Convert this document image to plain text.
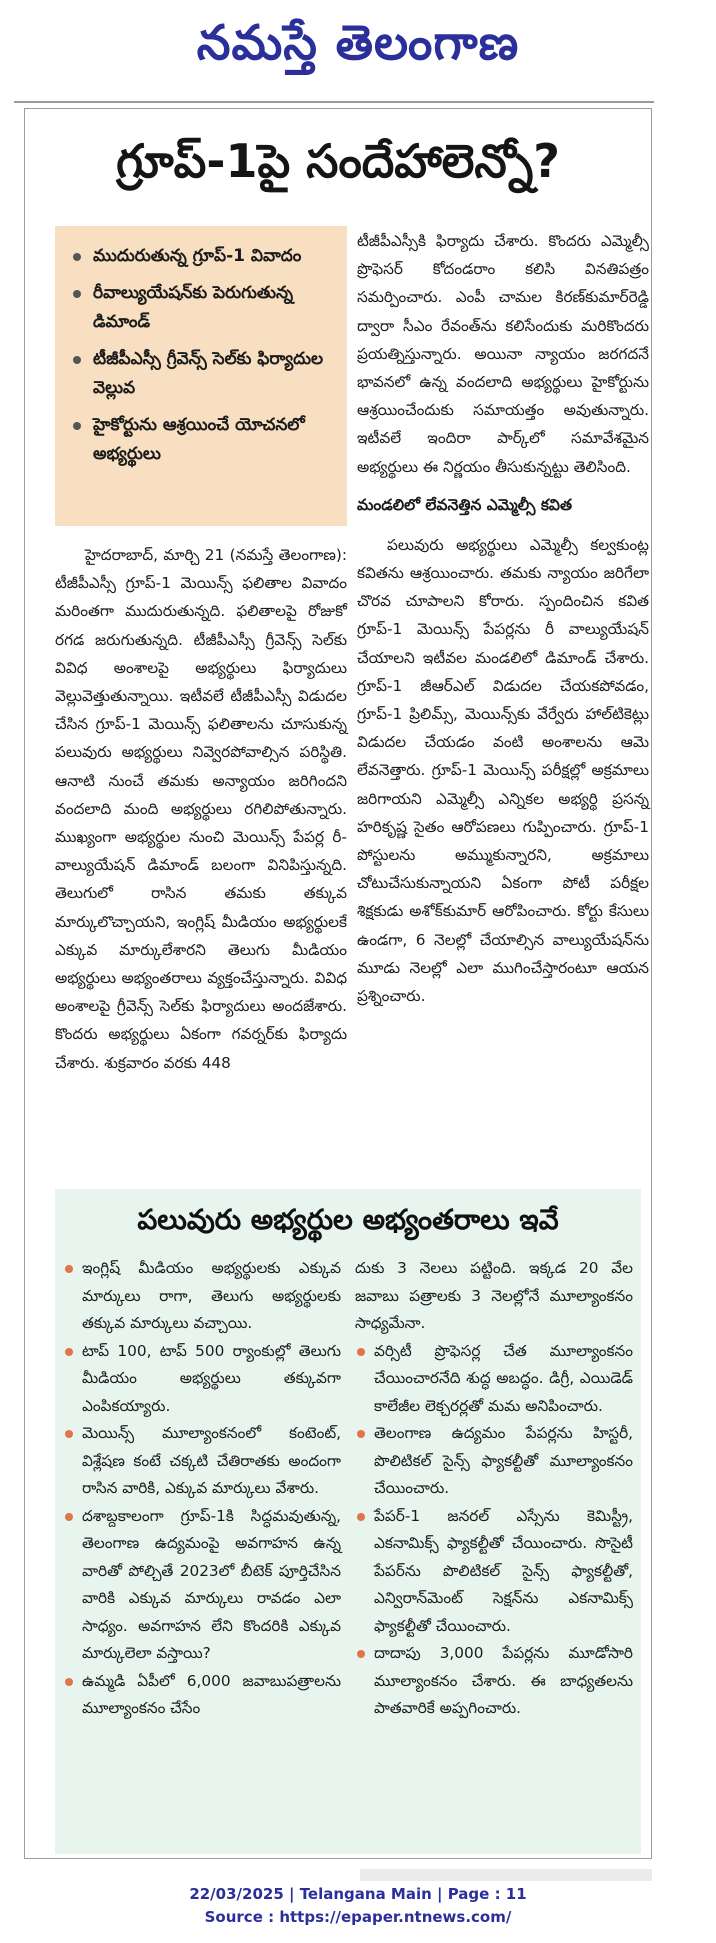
నమస్తే తెలంగాణ
గ్రూప్-1పై సందేహాలెన్నో?
ముదురుతున్న గ్రూప్-1 వివాదం
రీవాల్యుయేషన్‌కు పెరుగుతున్న డిమాండ్
టీజీపీఎస్సీ గ్రీవెన్స్ సెల్‌కు ఫిర్యాదుల వెల్లువ
హైకోర్టును ఆశ్రయించే యోచనలో అభ్యర్థులు

హైదరాబాద్, మార్చి 21 (నమస్తే తెలంగాణ): టీజీపీఎస్సీ గ్రూప్-1 మెయిన్స్ ఫలితాల వివాదం మరింతగా ముదురుతున్నది. ఫలితాలపై రోజుకో రగడ జరుగుతున్నది. టీజీపీఎస్సీ గ్రీవెన్స్ సెల్‌కు వివిధ అంశాలపై అభ్యర్థులు ఫిర్యాదులు వెల్లువెత్తుతున్నాయి. ఇటీవలే టీజీపీఎస్సీ విడుదల చేసిన గ్రూప్-1 మెయిన్స్ ఫలితాలను చూసుకున్న పలువురు అభ్యర్థులు నివ్వెరపోవాల్సిన పరిస్థితి. ఆనాటి నుంచే తమకు అన్యాయం జరిగిందని వందలాది మంది అభ్యర్థులు రగిలిపోతున్నారు. ముఖ్యంగా అభ్యర్థుల నుంచి మెయిన్స్ పేపర్ల రీ-వాల్యుయేషన్ డిమాండ్ బలంగా వినిపిస్తున్నది. తెలుగులో రాసిన తమకు తక్కువ మార్కులొచ్చాయని, ఇంగ్లిష్ మీడియం అభ్యర్థులకే ఎక్కువ మార్కులేశారని తెలుగు మీడియం అభ్యర్థులు అభ్యంతరాలు వ్యక్తంచేస్తున్నారు. వివిధ అంశాలపై గ్రీవెన్స్ సెల్‌కు ఫిర్యాదులు అందజేశారు. కొందరు అభ్యర్థులు ఏకంగా గవర్నర్‌కు ఫిర్యాదు చేశారు. శుక్రవారం వరకు 448

టీజీపీఎస్సీకి ఫిర్యాదు చేశారు. కొందరు ఎమ్మెల్సీ ప్రొఫెసర్ కోదండరాం కలిసి వినతిపత్రం సమర్పించారు. ఎంపీ చామల కిరణ్‌కుమార్‌రెడ్డి ద్వారా సీఎం రేవంత్‌ను కలిసేందుకు మరికొందరు ప్రయత్నిస్తున్నారు. అయినా న్యాయం జరగదనే భావనలో ఉన్న వందలాది అభ్యర్థులు హైకోర్టును ఆశ్రయించేందుకు సమాయత్తం అవుతున్నారు. ఇటీవలే ఇందిరా పార్క్‌లో సమావేశమైన అభ్యర్థులు ఈ నిర్ణయం తీసుకున్నట్టు తెలిసింది.

మండలిలో లేవనెత్తిన ఎమ్మెల్సీ కవిత

పలువురు అభ్యర్థులు ఎమ్మెల్సీ కల్వకుంట్ల కవితను ఆశ్రయించారు. తమకు న్యాయం జరిగేలా చొరవ చూపాలని కోరారు. స్పందించిన కవిత గ్రూప్-1 మెయిన్స్ పేపర్లను రీ వాల్యుయేషన్ చేయాలని ఇటీవల మండలిలో డిమాండ్ చేశారు. గ్రూప్-1 జీఆర్‌ఎల్ విడుదల చేయకపోవడం, గ్రూప్-1 ప్రిలిమ్స్, మెయిన్స్‌కు వేర్వేరు హాల్‌టికెట్లు విడుదల చేయడం వంటి అంశాలను ఆమె లేవనెత్తారు. గ్రూప్-1 మెయిన్స్ పరీక్షల్లో అక్రమాలు జరిగాయని ఎమ్మెల్సీ ఎన్నికల అభ్యర్థి ప్రసన్న హరికృష్ణ సైతం ఆరోపణలు గుప్పించారు. గ్రూప్-1 పోస్టులను అమ్ముకున్నారని, అక్రమాలు చోటుచేసుకున్నాయని ఏకంగా పోటీ పరీక్షల శిక్షకుడు అశోక్‌కుమార్ ఆరోపించారు. కోర్టు కేసులు ఉండగా, 6 నెలల్లో చేయాల్సిన వాల్యుయేషన్‌ను మూడు నెలల్లో ఎలా ముగించేస్తారంటూ ఆయన ప్రశ్నించారు.

పలువురు అభ్యర్థుల అభ్యంతరాలు ఇవే
ఇంగ్లిష్ మీడియం అభ్యర్థులకు ఎక్కువ మార్కులు రాగా, తెలుగు అభ్యర్థులకు తక్కువ మార్కులు వచ్చాయి.
టాప్ 100, టాప్ 500 ర్యాంకుల్లో తెలుగు మీడియం అభ్యర్థులు తక్కువగా ఎంపికయ్యారు.
మెయిన్స్ మూల్యాంకనంలో కంటెంట్, విశ్లేషణ కంటే చక్కటి చేతిరాతకు అందంగా రాసిన వారికి, ఎక్కువ మార్కులు వేశారు.
దశాబ్దకాలంగా గ్రూప్-1కి సిద్ధమవుతున్న, తెలంగాణ ఉద్యమంపై అవగాహన ఉన్న వారితో పోల్చితే 2023లో బీటెక్ పూర్తిచేసిన వారికి ఎక్కువ మార్కులు రావడం ఎలా సాధ్యం. అవగాహన లేని కొందరికి ఎక్కువ మార్కులెలా వస్తాయి?
ఉమ్మడి ఏపీలో 6,000 జవాబుపత్రాలను మూల్యాంకనం చేసేం
దుకు 3 నెలలు పట్టింది. ఇక్కడ 20 వేల జవాబు పత్రాలకు 3 నెలల్లోనే మూల్యాంకనం సాధ్యమేనా.
వర్సిటీ ప్రొఫెసర్ల చేత మూల్యాంకనం చేయించారనేది శుద్ధ అబద్ధం. డిగ్రీ, ఎయిడెడ్ కాలేజీల లెక్చరర్లతో మమ అనిపించారు.
తెలంగాణ ఉద్యమం పేపర్లను హిస్టరీ, పొలిటికల్ సైన్స్ ఫ్యాకల్టీతో మూల్యాంకనం చేయించారు.
పేపర్-1 జనరల్ ఎస్సేను కెమిస్ట్రీ, ఎకనామిక్స్ ఫ్యాకల్టీతో చేయించారు. సొసైటీ పేపర్‌ను పొలిటికల్ సైన్స్ ఫ్యాకల్టీతో, ఎన్విరాన్‌మెంట్ సెక్షన్‌ను ఎకనామిక్స్ ఫ్యాకల్టీతో చేయించారు.
దాదాపు 3,000 పేపర్లను మూడోసారి మూల్యాంకనం చేశారు. ఈ బాధ్యతలను పాతవారికే అప్పగించారు.
22/03/2025 | Telangana Main | Page : 11
Source : https://epaper.ntnews.com/
